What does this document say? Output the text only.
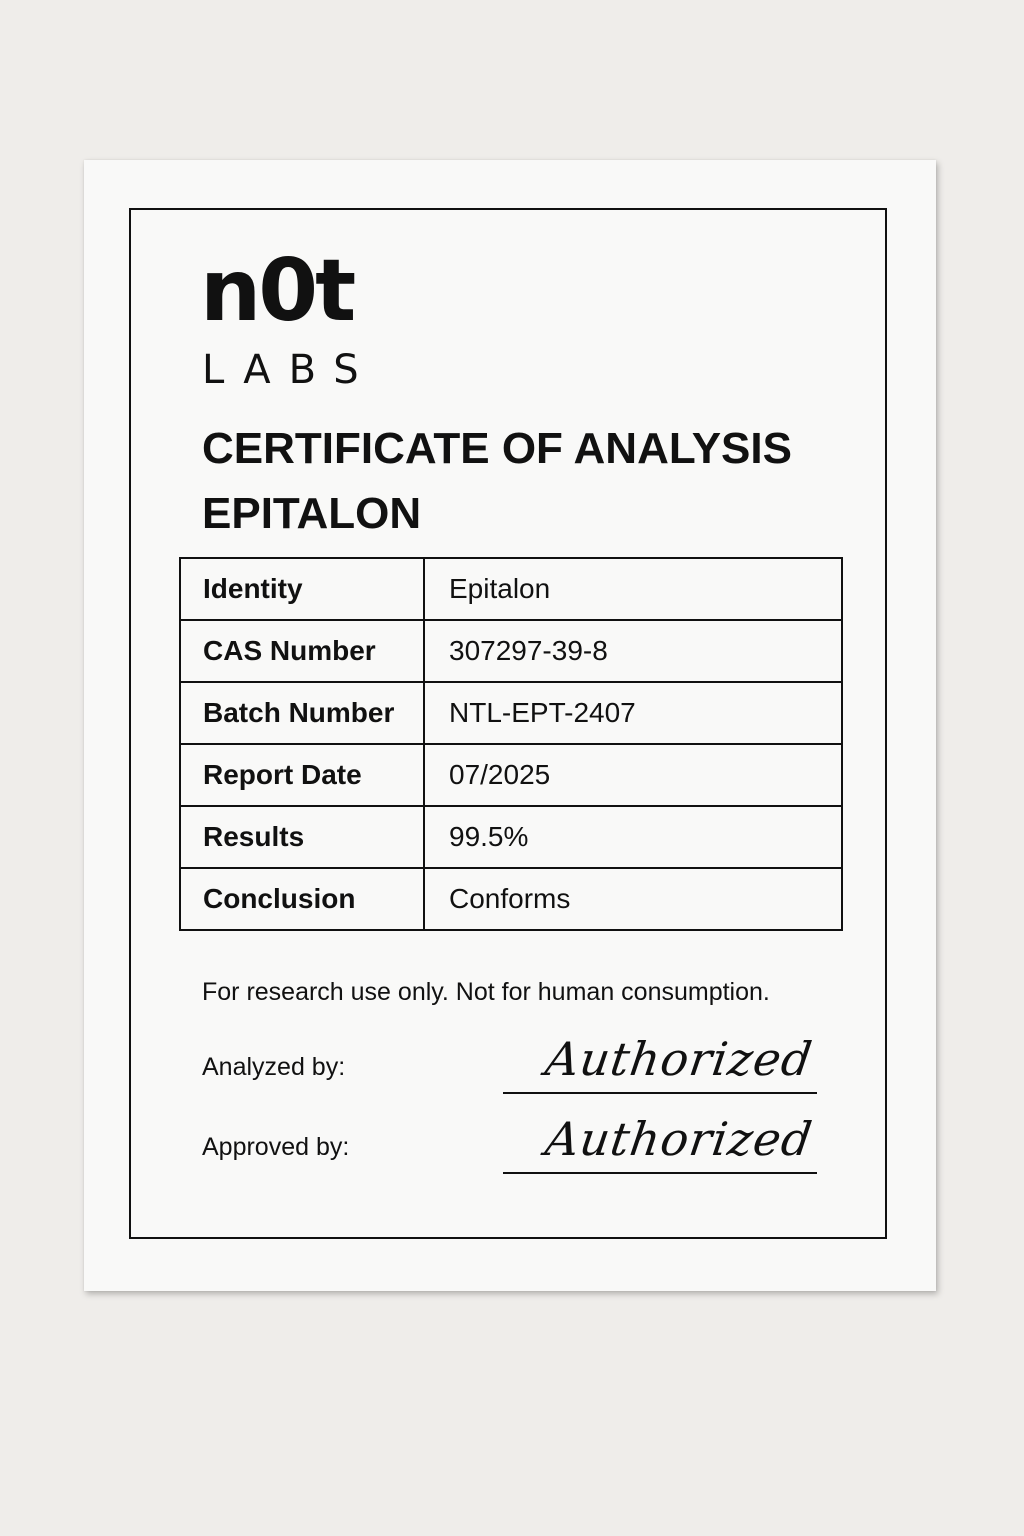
n0t
LABS
CERTIFICATE OF ANALYSIS
EPITALON
Identity	Epitalon
CAS Number	307297-39-8
Batch Number	NTL-EPT-2407
Report Date	07/2025
Results	99.5%
Conclusion	Conforms
For research use only. Not for human consumption.
Analyzed by:	Authorized
Approved by:	Authorized
